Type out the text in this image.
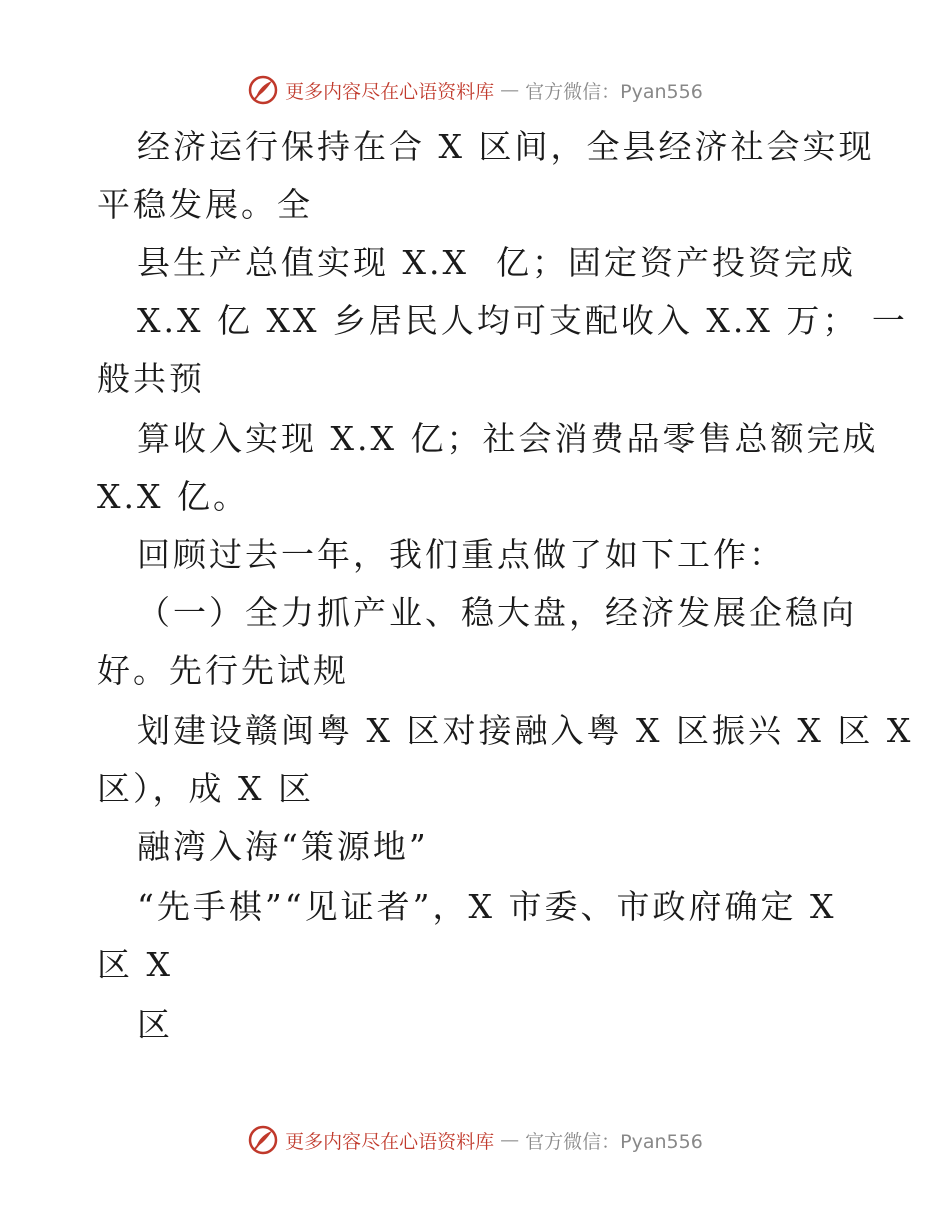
更多内容尽在心语资料库 — 官方微信：Pyan556
经济运行保持在合 X 区间，全县经济社会实现
平稳发展。全
县生产总值实现 X.X  亿；固定资产投资完成
X.X 亿 XX 乡居民人均可支配收入 X.X 万； 一
般共预
算收入实现 X.X 亿；社会消费品零售总额完成
X.X 亿。
回顾过去一年，我们重点做了如下工作：
（一）全力抓产业、稳大盘，经济发展企稳向
好。先行先试规
划建设赣闽粤 X 区对接融入粤 X 区振兴 X 区 X
区），成 X 区
融湾入海“策源地”
“先手棋”“见证者”，X 市委、市政府确定 X
区 X
区
更多内容尽在心语资料库 — 官方微信：Pyan556
